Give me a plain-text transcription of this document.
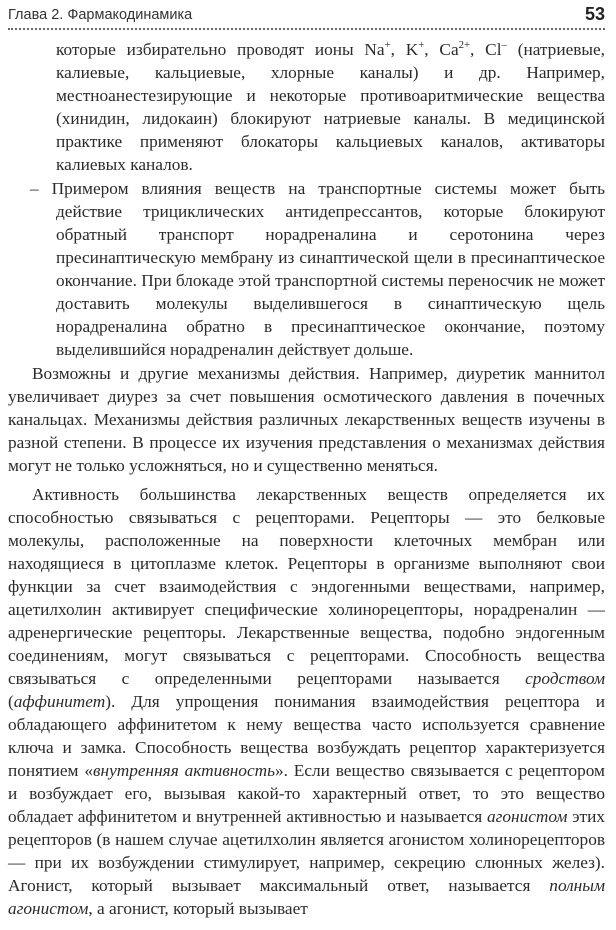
Глава 2. Фармакодинамика	53

которые избирательно проводят ионы Na+, K+, $Ca^{2+}$, Cl– (натриевые, калиевые, кальциевые, хлорные каналы) и др. Например, местноанестезирующие и некоторые противоаритмические вещества (хинидин, лидокаин) блокируют натриевые каналы. В медицинской практике применяют блокаторы кальциевых каналов, активаторы калиевых каналов.

– Примером влияния веществ на транспортные системы может быть действие трициклических антидепрессантов, которые блокируют обратный транспорт норадреналина и серотонина через пресинаптическую мембрану из синаптической щели в пресинаптическое окончание. При блокаде этой транспортной системы переносчик не может доставить молекулы выделившегося в синаптическую щель норадреналина обратно в пресинаптическое окончание, поэтому выделившийся норадреналин действует дольше.

Возможны и другие механизмы действия. Например, диуретик маннитол увеличивает диурез за счет повышения осмотического давления в почечных канальцах. Механизмы действия различных лекарственных веществ изучены в разной степени. В процессе их изучения представления о механизмах действия могут не только усложняться, но и существенно меняться.

Активность большинства лекарственных веществ определяется их способностью связываться с рецепторами. Рецепторы — это белковые молекулы, расположенные на поверхности клеточных мембран или находящиеся в цитоплазме клеток. Рецепторы в организме выполняют свои функции за счет взаимодействия с эндогенными веществами, например, ацетилхолин активирует специфические холинорецепторы, норадреналин — адренергические рецепторы. Лекарственные вещества, подобно эндогенным соединениям, могут связываться с рецепторами. Способность вещества связываться с определенными рецепторами называется сродством (аффинитет). Для упрощения понимания взаимодействия рецептора и обладающего аффинитетом к нему вещества часто используется сравнение ключа и замка. Способность вещества возбуждать рецептор характеризуется понятием «внутренняя активность». Если вещество связывается с рецептором и возбуждает его, вызывая какой-то характерный ответ, то это вещество обладает аффинитетом и внутренней активностью и называется агонистом этих рецепторов (в нашем случае ацетилхолин является агонистом холинорецепторов — при их возбуждении стимулирует, например, секрецию слюнных желез). Агонист, который вызывает максимальный ответ, называется полным агонистом, а агонист, который вызывает
